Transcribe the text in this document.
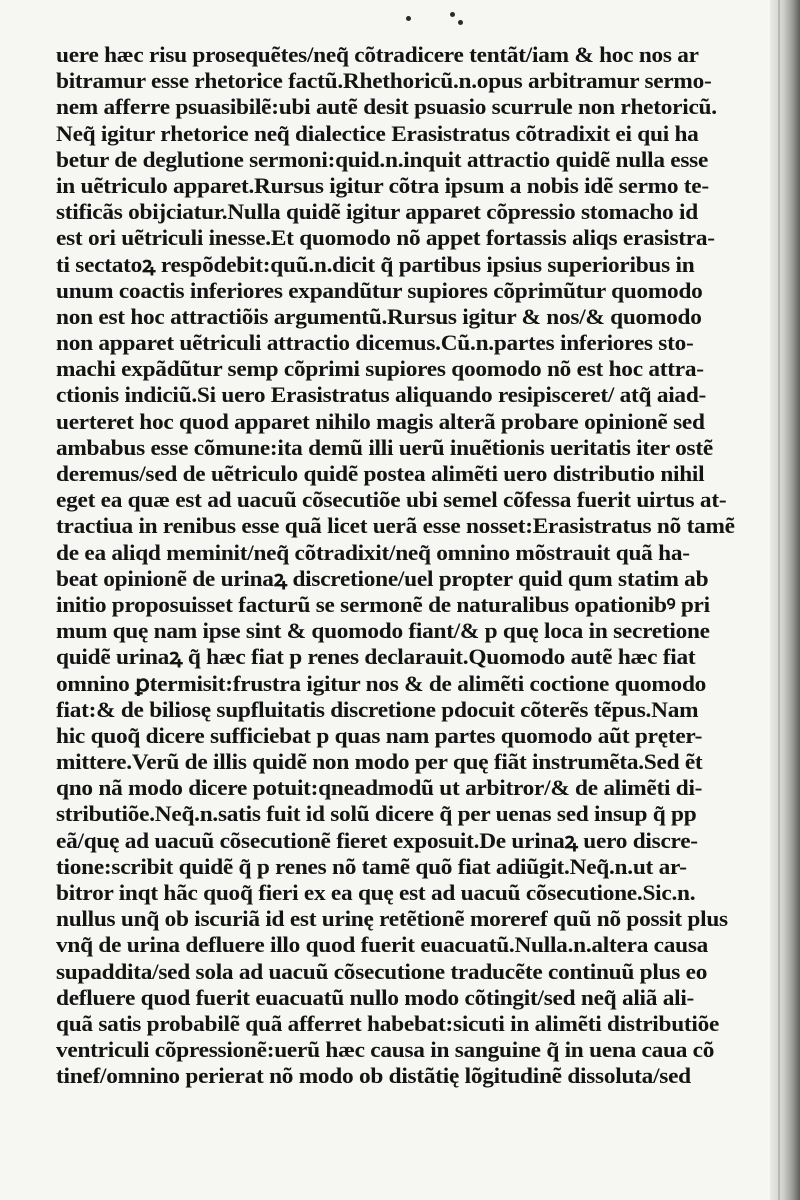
uere hæc risu prosequẽtes/neq̃ cõtradicere tentãt/iam & hoc nos ar
bitramur esse rhetorice factũ.Rhethoricũ.n.opus arbitramur sermo-
nem afferre psuasibilẽ:ubi autẽ desit psuasio scurrule non rhetoricũ.
Neq̃ igitur rhetorice neq̃ dialectice Erasistratus cõtradixit ei qui ha
betur de deglutione sermoni:quid.n.inquit attractio quidẽ nulla esse
in uẽtriculo apparet.Rursus igitur cõtra ipsum a nobis idẽ sermo te-
stificãs obijciatur.Nulla quidẽ igitur apparet cõpressio stomacho id
est ori uẽtriculi inesse.Et quomodo nõ appet fortassis aliqs erasistra-
ti sectatoꝝ respõdebit:quũ.n.dicit q̃ partibus ipsius superioribus in
unum coactis inferiores expandũtur supiores cõprimũtur quomodo
non est hoc attractiõis argumentũ.Rursus igitur & nos/& quomodo
non apparet uẽtriculi attractio dicemus.Cũ.n.partes inferiores sto-
machi expãdũtur semp cõprimi supiores qoomodo nõ est hoc attra-
ctionis indiciũ.Si uero Erasistratus aliquando resipisceret/ atq̃ aiad-
uerteret hoc quod apparet nihilo magis alterã probare opinionẽ sed
ambabus esse cõmune:ita demũ illi uerũ inuẽtionis ueritatis iter ostẽ
deremus/sed de uẽtriculo quidẽ postea alimẽti uero distributio nihil
eget ea quæ est ad uacuũ cõsecutiõe ubi semel cõfessa fuerit uirtus at-
tractiua in renibus esse quã licet uerã esse nosset:Erasistratus nõ tamẽ
de ea aliqd meminit/neq̃ cõtradixit/neq̃ omnino mõstrauit quã ha-
beat opinionẽ de urinaꝝ discretione/uel propter quid qum statim ab
initio proposuisset facturũ se sermonẽ de naturalibus opationibꝰ pri
mum quę nam ipse sint & quomodo fiant/& p quę loca in secretione
quidẽ urinaꝝ q̃ hæc fiat p renes declarauit.Quomodo autẽ hæc fiat
omnino ꝑtermisit:frustra igitur nos & de alimẽti coctione quomodo
fiat:& de biliosę supfluitatis discretione pdocuit cõterẽs tẽpus.Nam
hic quoq̃ dicere sufficiebat p quas nam partes quomodo aũt pręter-
mittere.Verũ de illis quidẽ non modo per quę fiãt instrumẽta.Sed ẽt
qno nã modo dicere potuit:qneadmodũ ut arbitror/& de alimẽti di-
stributiõe.Neq̃.n.satis fuit id solũ dicere q̃ per uenas sed insup q̃ pp
eã/quę ad uacuũ cõsecutionẽ fieret exposuit.De urinaꝝ uero discre-
tione:scribit quidẽ q̃ p renes nõ tamẽ quõ fiat adiũgit.Neq̃.n.ut ar-
bitror inqt hãc quoq̃ fieri ex ea quę est ad uacuũ cõsecutione.Sic.n.
nullus unq̃ ob iscuriã id est urinę retẽtionẽ moreref quũ nõ possit plus
vnq̃ de urina defluere illo quod fuerit euacuatũ.Nulla.n.altera causa
supaddita/sed sola ad uacuũ cõsecutione traducẽte continuũ plus eo
defluere quod fuerit euacuatũ nullo modo cõtingit/sed neq̃ aliã ali-
quã satis probabilẽ quã afferret habebat:sicuti in alimẽti distributiõe
ventriculi cõpressionẽ:uerũ hæc causa in sanguine q̃ in uena caua cõ
tinef/omnino perierat nõ modo ob distãtię lõgitudinẽ dissoluta/sed
